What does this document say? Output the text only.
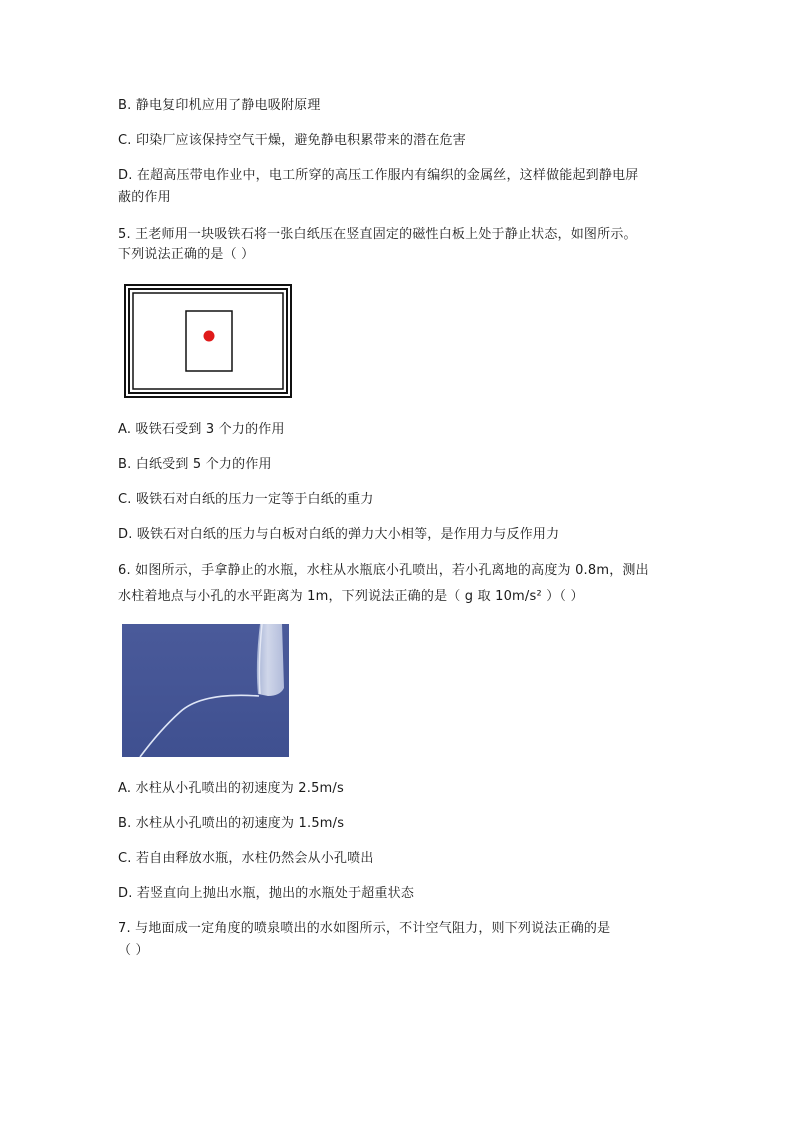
B. 静电复印机应用了静电吸附原理
C. 印染厂应该保持空气干燥，避免静电积累带来的潜在危害
D. 在超高压带电作业中，电工所穿的高压工作服内有编织的金属丝，这样做能起到静电屏
蔽的作用
5. 王老师用一块吸铁石将一张白纸压在竖直固定的磁性白板上处于静止状态，如图所示。
下列说法正确的是（ ）
A. 吸铁石受到 3 个力的作用
B. 白纸受到 5 个力的作用
C. 吸铁石对白纸的压力一定等于白纸的重力
D. 吸铁石对白纸的压力与白板对白纸的弹力大小相等，是作用力与反作用力
6. 如图所示，手拿静止的水瓶，水柱从水瓶底小孔喷出，若小孔离地的高度为 0.8m，测出
水柱着地点与小孔的水平距离为 1m，下列说法正确的是（ g 取 10m/s² ）（ ）
A. 水柱从小孔喷出的初速度为 2.5m/s
B. 水柱从小孔喷出的初速度为 1.5m/s
C. 若自由释放水瓶，水柱仍然会从小孔喷出
D. 若竖直向上抛出水瓶，抛出的水瓶处于超重状态
7. 与地面成一定角度的喷泉喷出的水如图所示，不计空气阻力，则下列说法正确的是
（ ）
